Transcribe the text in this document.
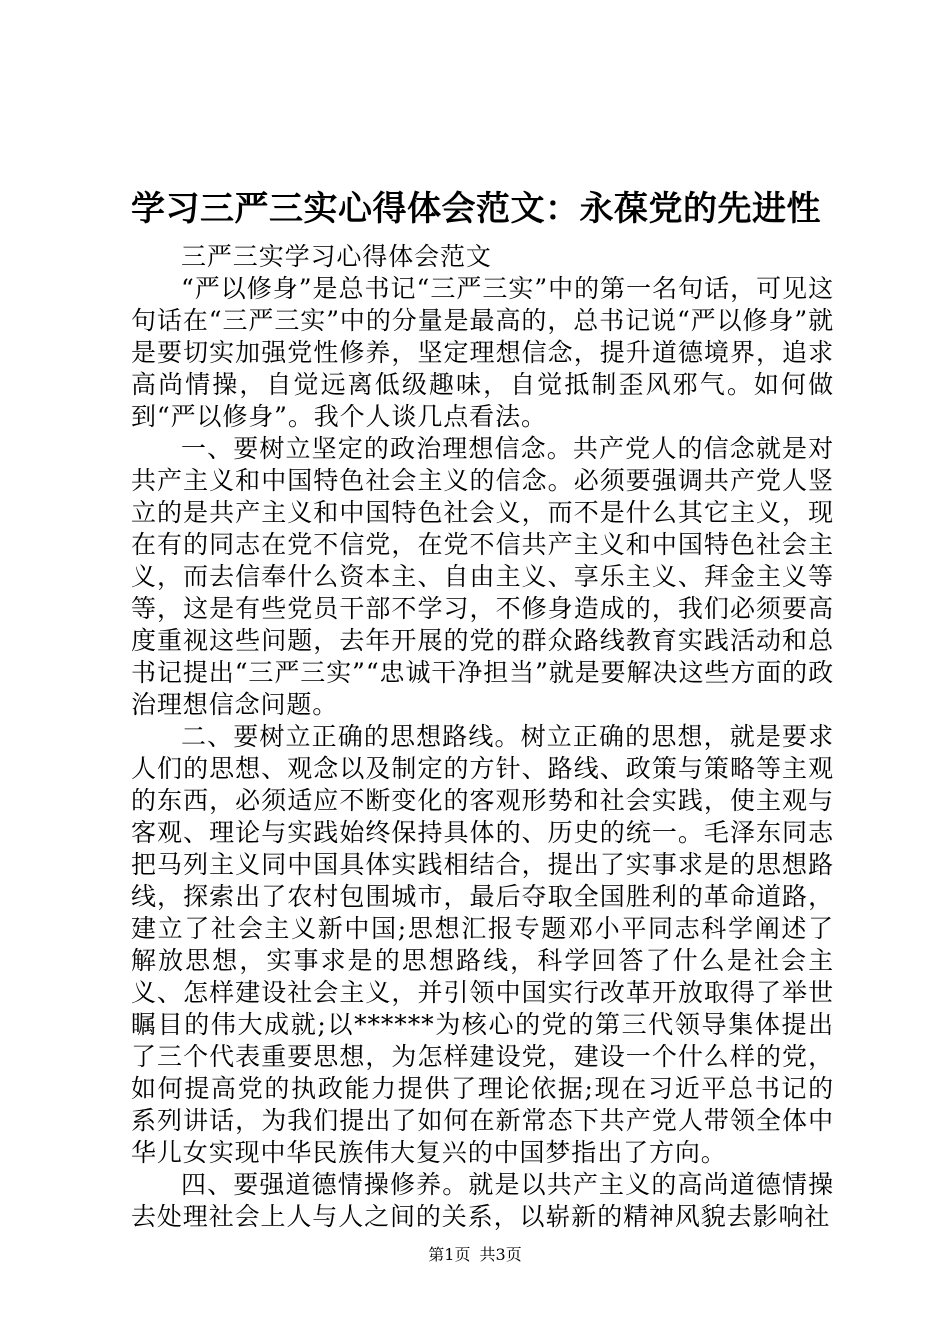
学习三严三实心得体会范文：永葆党的先进性

三严三实学习心得体会范文

“严以修身”是总书记“三严三实”中的第一名句话，可见这句话在“三严三实”中的分量是最高的，总书记说“严以修身”就是要切实加强党性修养，坚定理想信念，提升道德境界，追求高尚情操，自觉远离低级趣味，自觉抵制歪风邪气。如何做到“严以修身”。我个人谈几点看法。

一、要树立坚定的政治理想信念。共产党人的信念就是对共产主义和中国特色社会主义的信念。必须要强调共产党人竖立的是共产主义和中国特色社会义，而不是什么其它主义，现在有的同志在党不信党，在党不信共产主义和中国特色社会主义，而去信奉什么资本主、自由主义、享乐主义、拜金主义等等，这是有些党员干部不学习，不修身造成的，我们必须要高度重视这些问题，去年开展的党的群众路线教育实践活动和总书记提出“三严三实”“忠诚干净担当”就是要解决这些方面的政治理想信念问题。

二、要树立正确的思想路线。树立正确的思想，就是要求人们的思想、观念以及制定的方针、路线、政策与策略等主观的东西，必须适应不断变化的客观形势和社会实践，使主观与客观、理论与实践始终保持具体的、历史的统一。毛泽东同志把马列主义同中国具体实践相结合，提出了实事求是的思想路线，探索出了农村包围城市，最后夺取全国胜利的革命道路，建立了社会主义新中国;思想汇报专题邓小平同志科学阐述了解放思想，实事求是的思想路线，科学回答了什么是社会主义、怎样建设社会主义，并引领中国实行改革开放取得了举世瞩目的伟大成就;以******为核心的党的第三代领导集体提出了三个代表重要思想，为怎样建设党，建设一个什么样的党，如何提高党的执政能力提供了理论依据;现在习近平总书记的系列讲话，为我们提出了如何在新常态下共产党人带领全体中华儿女实现中华民族伟大复兴的中国梦指出了方向。

四、要强道德情操修养。就是以共产主义的高尚道德情操去处理社会上人与人之间的关系，以崭新的精神风貌去影响社

第1页 共3页
